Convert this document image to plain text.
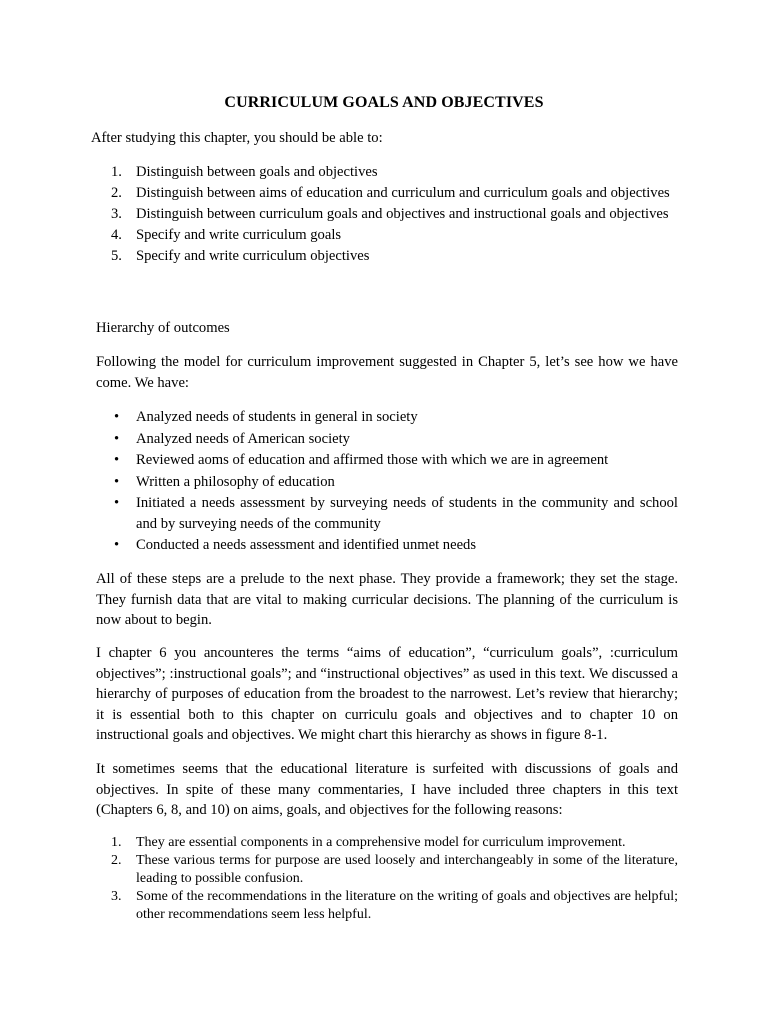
CURRICULUM GOALS AND OBJECTIVES
After studying this chapter, you should be able to:
1. Distinguish between goals and objectives
2. Distinguish between aims of education and curriculum and curriculum goals and objectives
3. Distinguish between curriculum goals and objectives and instructional goals and objectives
4. Specify and write curriculum goals
5. Specify and write curriculum objectives
Hierarchy of outcomes

Following the model for curriculum improvement suggested in Chapter 5, let’s see how we have come. We have:

• Analyzed needs of students in general in society
• Analyzed needs of American society
• Reviewed aoms of education and affirmed those with which we are in agreement
• Written a philosophy of education
• Initiated a needs assessment by surveying needs of students in the community and school and by surveying needs of the community
• Conducted a needs assessment and identified unmet needs

All of these steps are a prelude to the next phase. They provide a framework; they set the stage. They furnish data that are vital to making curricular decisions. The planning of the curriculum is now about to begin.

I chapter 6 you ancounteres the terms “aims of education”, “curriculum goals”, :curriculum objectives”; :instructional goals”; and “instructional objectives” as used in this text. We discussed a hierarchy of purposes of education from the broadest to the narrowest. Let’s review that hierarchy; it is essential both to this chapter on curriculu goals and objectives and to chapter 10 on instructional goals and objectives. We might chart this hierarchy as shows in figure 8-1.

It sometimes seems that the educational literature is surfeited with discussions of goals and objectives. In spite of these many commentaries, I have included three chapters in this text (Chapters 6, 8, and 10) on aims, goals, and objectives for the following reasons:

1. They are essential components in a comprehensive model for curriculum improvement.
2. These various terms for purpose are used loosely and interchangeably in some of the literature, leading to possible confusion.
3. Some of the recommendations in the literature on the writing of goals and objectives are helpful; other recommendations seem less helpful.
